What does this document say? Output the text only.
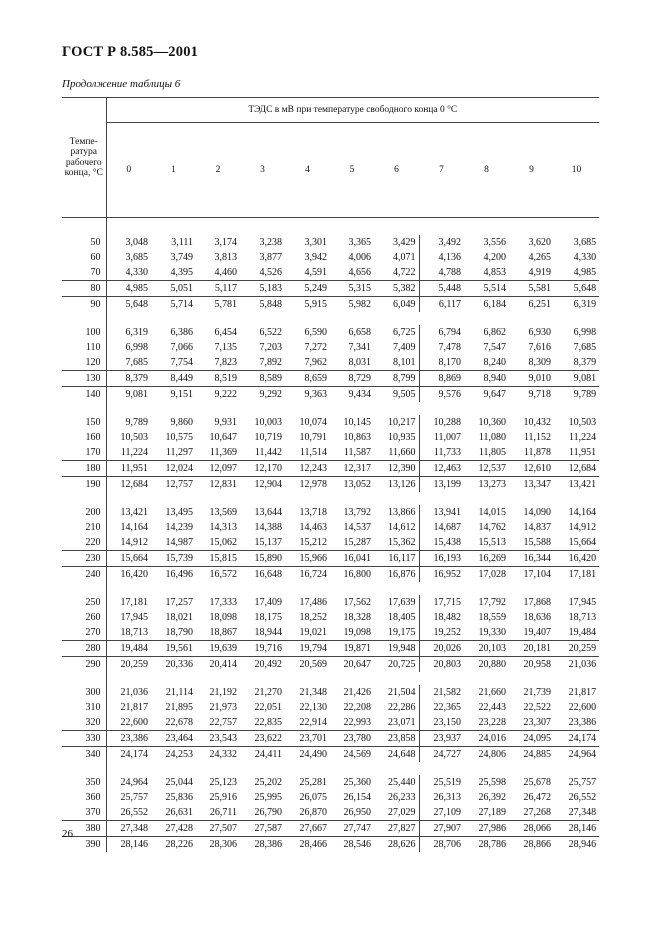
ГОСТ Р 8.585—2001
Продолжение таблицы 6
Темпе-ратура рабочего конца, °С	ТЭДС в мВ при температуре свободного конца 0 °С										
	0	1	2	3	4	5	6	7	8	9	10

50	3,048	3,111	3,174	3,238	3,301	3,365	3,429	3,492	3,556	3,620	3,685
60	3,685	3,749	3,813	3,877	3,942	4,006	4,071	4,136	4,200	4,265	4,330
70	4,330	4,395	4,460	4,526	4,591	4,656	4,722	4,788	4,853	4,919	4,985
80	4,985	5,051	5,117	5,183	5,249	5,315	5,382	5,448	5,514	5,581	5,648
90	5,648	5,714	5,781	5,848	5,915	5,982	6,049	6,117	6,184	6,251	6,319

100	6,319	6,386	6,454	6,522	6,590	6,658	6,725	6,794	6,862	6,930	6,998
110	6,998	7,066	7,135	7,203	7,272	7,341	7,409	7,478	7,547	7,616	7,685
120	7,685	7,754	7,823	7,892	7,962	8,031	8,101	8,170	8,240	8,309	8,379
130	8,379	8,449	8,519	8,589	8,659	8,729	8,799	8,869	8,940	9,010	9,081
140	9,081	9,151	9,222	9,292	9,363	9,434	9,505	9,576	9,647	9,718	9,789

150	9,789	9,860	9,931	10,003	10,074	10,145	10,217	10,288	10,360	10,432	10,503
160	10,503	10,575	10,647	10,719	10,791	10,863	10,935	11,007	11,080	11,152	11,224
170	11,224	11,297	11,369	11,442	11,514	11,587	11,660	11,733	11,805	11,878	11,951
180	11,951	12,024	12,097	12,170	12,243	12,317	12,390	12,463	12,537	12,610	12,684
190	12,684	12,757	12,831	12,904	12,978	13,052	13,126	13,199	13,273	13,347	13,421

200	13,421	13,495	13,569	13,644	13,718	13,792	13,866	13,941	14,015	14,090	14,164
210	14,164	14,239	14,313	14,388	14,463	14,537	14,612	14,687	14,762	14,837	14,912
220	14,912	14,987	15,062	15,137	15,212	15,287	15,362	15,438	15,513	15,588	15,664
230	15,664	15,739	15,815	15,890	15,966	16,041	16,117	16,193	16,269	16,344	16,420
240	16,420	16,496	16,572	16,648	16,724	16,800	16,876	16,952	17,028	17,104	17,181

250	17,181	17,257	17,333	17,409	17,486	17,562	17,639	17,715	17,792	17,868	17,945
260	17,945	18,021	18,098	18,175	18,252	18,328	18,405	18,482	18,559	18,636	18,713
270	18,713	18,790	18,867	18,944	19,021	19,098	19,175	19,252	19,330	19,407	19,484
280	19,484	19,561	19,639	19,716	19,794	19,871	19,948	20,026	20,103	20,181	20,259
290	20,259	20,336	20,414	20,492	20,569	20,647	20,725	20,803	20,880	20,958	21,036

300	21,036	21,114	21,192	21,270	21,348	21,426	21,504	21,582	21,660	21,739	21,817
310	21,817	21,895	21,973	22,051	22,130	22,208	22,286	22,365	22,443	22,522	22,600
320	22,600	22,678	22,757	22,835	22,914	22,993	23,071	23,150	23,228	23,307	23,386
330	23,386	23,464	23,543	23,622	23,701	23,780	23,858	23,937	24,016	24,095	24,174
340	24,174	24,253	24,332	24,411	24,490	24,569	24,648	24,727	24,806	24,885	24,964

350	24,964	25,044	25,123	25,202	25,281	25,360	25,440	25,519	25,598	25,678	25,757
360	25,757	25,836	25,916	25,995	26,075	26,154	26,233	26,313	26,392	26,472	26,552
370	26,552	26,631	26,711	26,790	26,870	26,950	27,029	27,109	27,189	27,268	27,348
380	27,348	27,428	27,507	27,587	27,667	27,747	27,827	27,907	27,986	28,066	28,146
390	28,146	28,226	28,306	28,386	28,466	28,546	28,626	28,706	28,786	28,866	28,946
26
